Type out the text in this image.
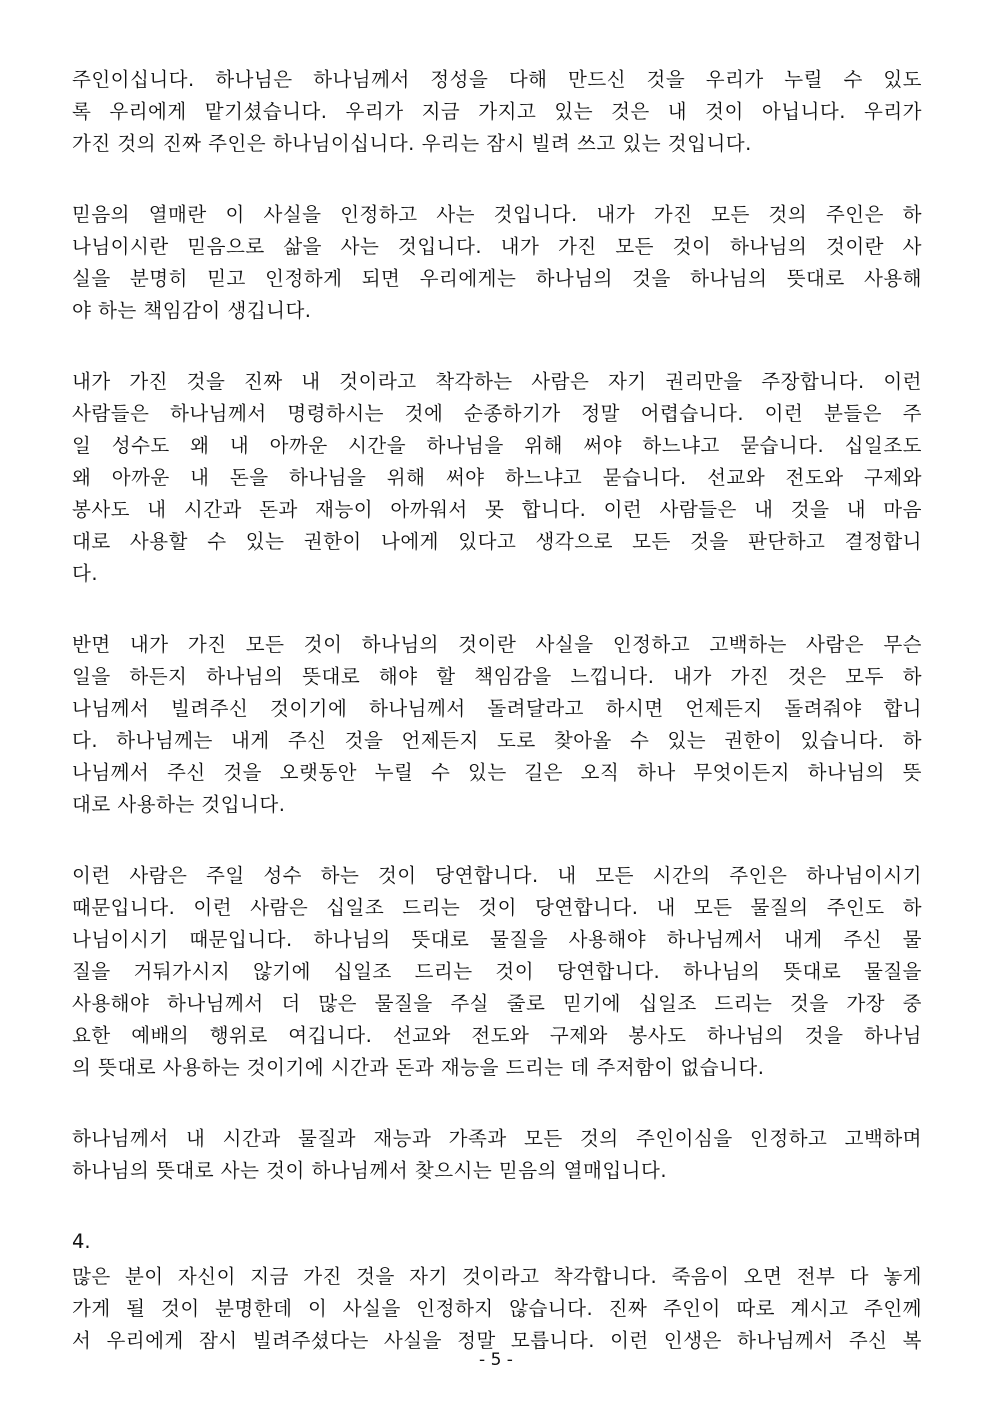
주인이십니다. 하나님은 하나님께서 정성을 다해 만드신 것을 우리가 누릴 수 있도
록 우리에게 맡기셨습니다. 우리가 지금 가지고 있는 것은 내 것이 아닙니다. 우리가
가진 것의 진짜 주인은 하나님이십니다. 우리는 잠시 빌려 쓰고 있는 것입니다.
믿음의 열매란 이 사실을 인정하고 사는 것입니다. 내가 가진 모든 것의 주인은 하
나님이시란 믿음으로 삶을 사는 것입니다. 내가 가진 모든 것이 하나님의 것이란 사
실을 분명히 믿고 인정하게 되면 우리에게는 하나님의 것을 하나님의 뜻대로 사용해
야 하는 책임감이 생깁니다.
내가 가진 것을 진짜 내 것이라고 착각하는 사람은 자기 권리만을 주장합니다. 이런
사람들은 하나님께서 명령하시는 것에 순종하기가 정말 어렵습니다. 이런 분들은 주
일 성수도 왜 내 아까운 시간을 하나님을 위해 써야 하느냐고 묻습니다. 십일조도
왜 아까운 내 돈을 하나님을 위해 써야 하느냐고 묻습니다. 선교와 전도와 구제와
봉사도 내 시간과 돈과 재능이 아까워서 못 합니다. 이런 사람들은 내 것을 내 마음
대로 사용할 수 있는 권한이 나에게 있다고 생각으로 모든 것을 판단하고 결정합니
다.
반면 내가 가진 모든 것이 하나님의 것이란 사실을 인정하고 고백하는 사람은 무슨
일을 하든지 하나님의 뜻대로 해야 할 책임감을 느낍니다. 내가 가진 것은 모두 하
나님께서 빌려주신 것이기에 하나님께서 돌려달라고 하시면 언제든지 돌려줘야 합니
다. 하나님께는 내게 주신 것을 언제든지 도로 찾아올 수 있는 권한이 있습니다. 하
나님께서 주신 것을 오랫동안 누릴 수 있는 길은 오직 하나 무엇이든지 하나님의 뜻
대로 사용하는 것입니다.
이런 사람은 주일 성수 하는 것이 당연합니다. 내 모든 시간의 주인은 하나님이시기
때문입니다. 이런 사람은 십일조 드리는 것이 당연합니다. 내 모든 물질의 주인도 하
나님이시기 때문입니다. 하나님의 뜻대로 물질을 사용해야 하나님께서 내게 주신 물
질을 거둬가시지 않기에 십일조 드리는 것이 당연합니다. 하나님의 뜻대로 물질을
사용해야 하나님께서 더 많은 물질을 주실 줄로 믿기에 십일조 드리는 것을 가장 중
요한 예배의 행위로 여깁니다. 선교와 전도와 구제와 봉사도 하나님의 것을 하나님
의 뜻대로 사용하는 것이기에 시간과 돈과 재능을 드리는 데 주저함이 없습니다.
하나님께서 내 시간과 물질과 재능과 가족과 모든 것의 주인이심을 인정하고 고백하며
하나님의 뜻대로 사는 것이 하나님께서 찾으시는 믿음의 열매입니다.
4.
많은 분이 자신이 지금 가진 것을 자기 것이라고 착각합니다. 죽음이 오면 전부 다 놓게
가게 될 것이 분명한데 이 사실을 인정하지 않습니다. 진짜 주인이 따로 계시고 주인께
서 우리에게 잠시 빌려주셨다는 사실을 정말 모릅니다. 이런 인생은 하나님께서 주신 복
- 5 -
